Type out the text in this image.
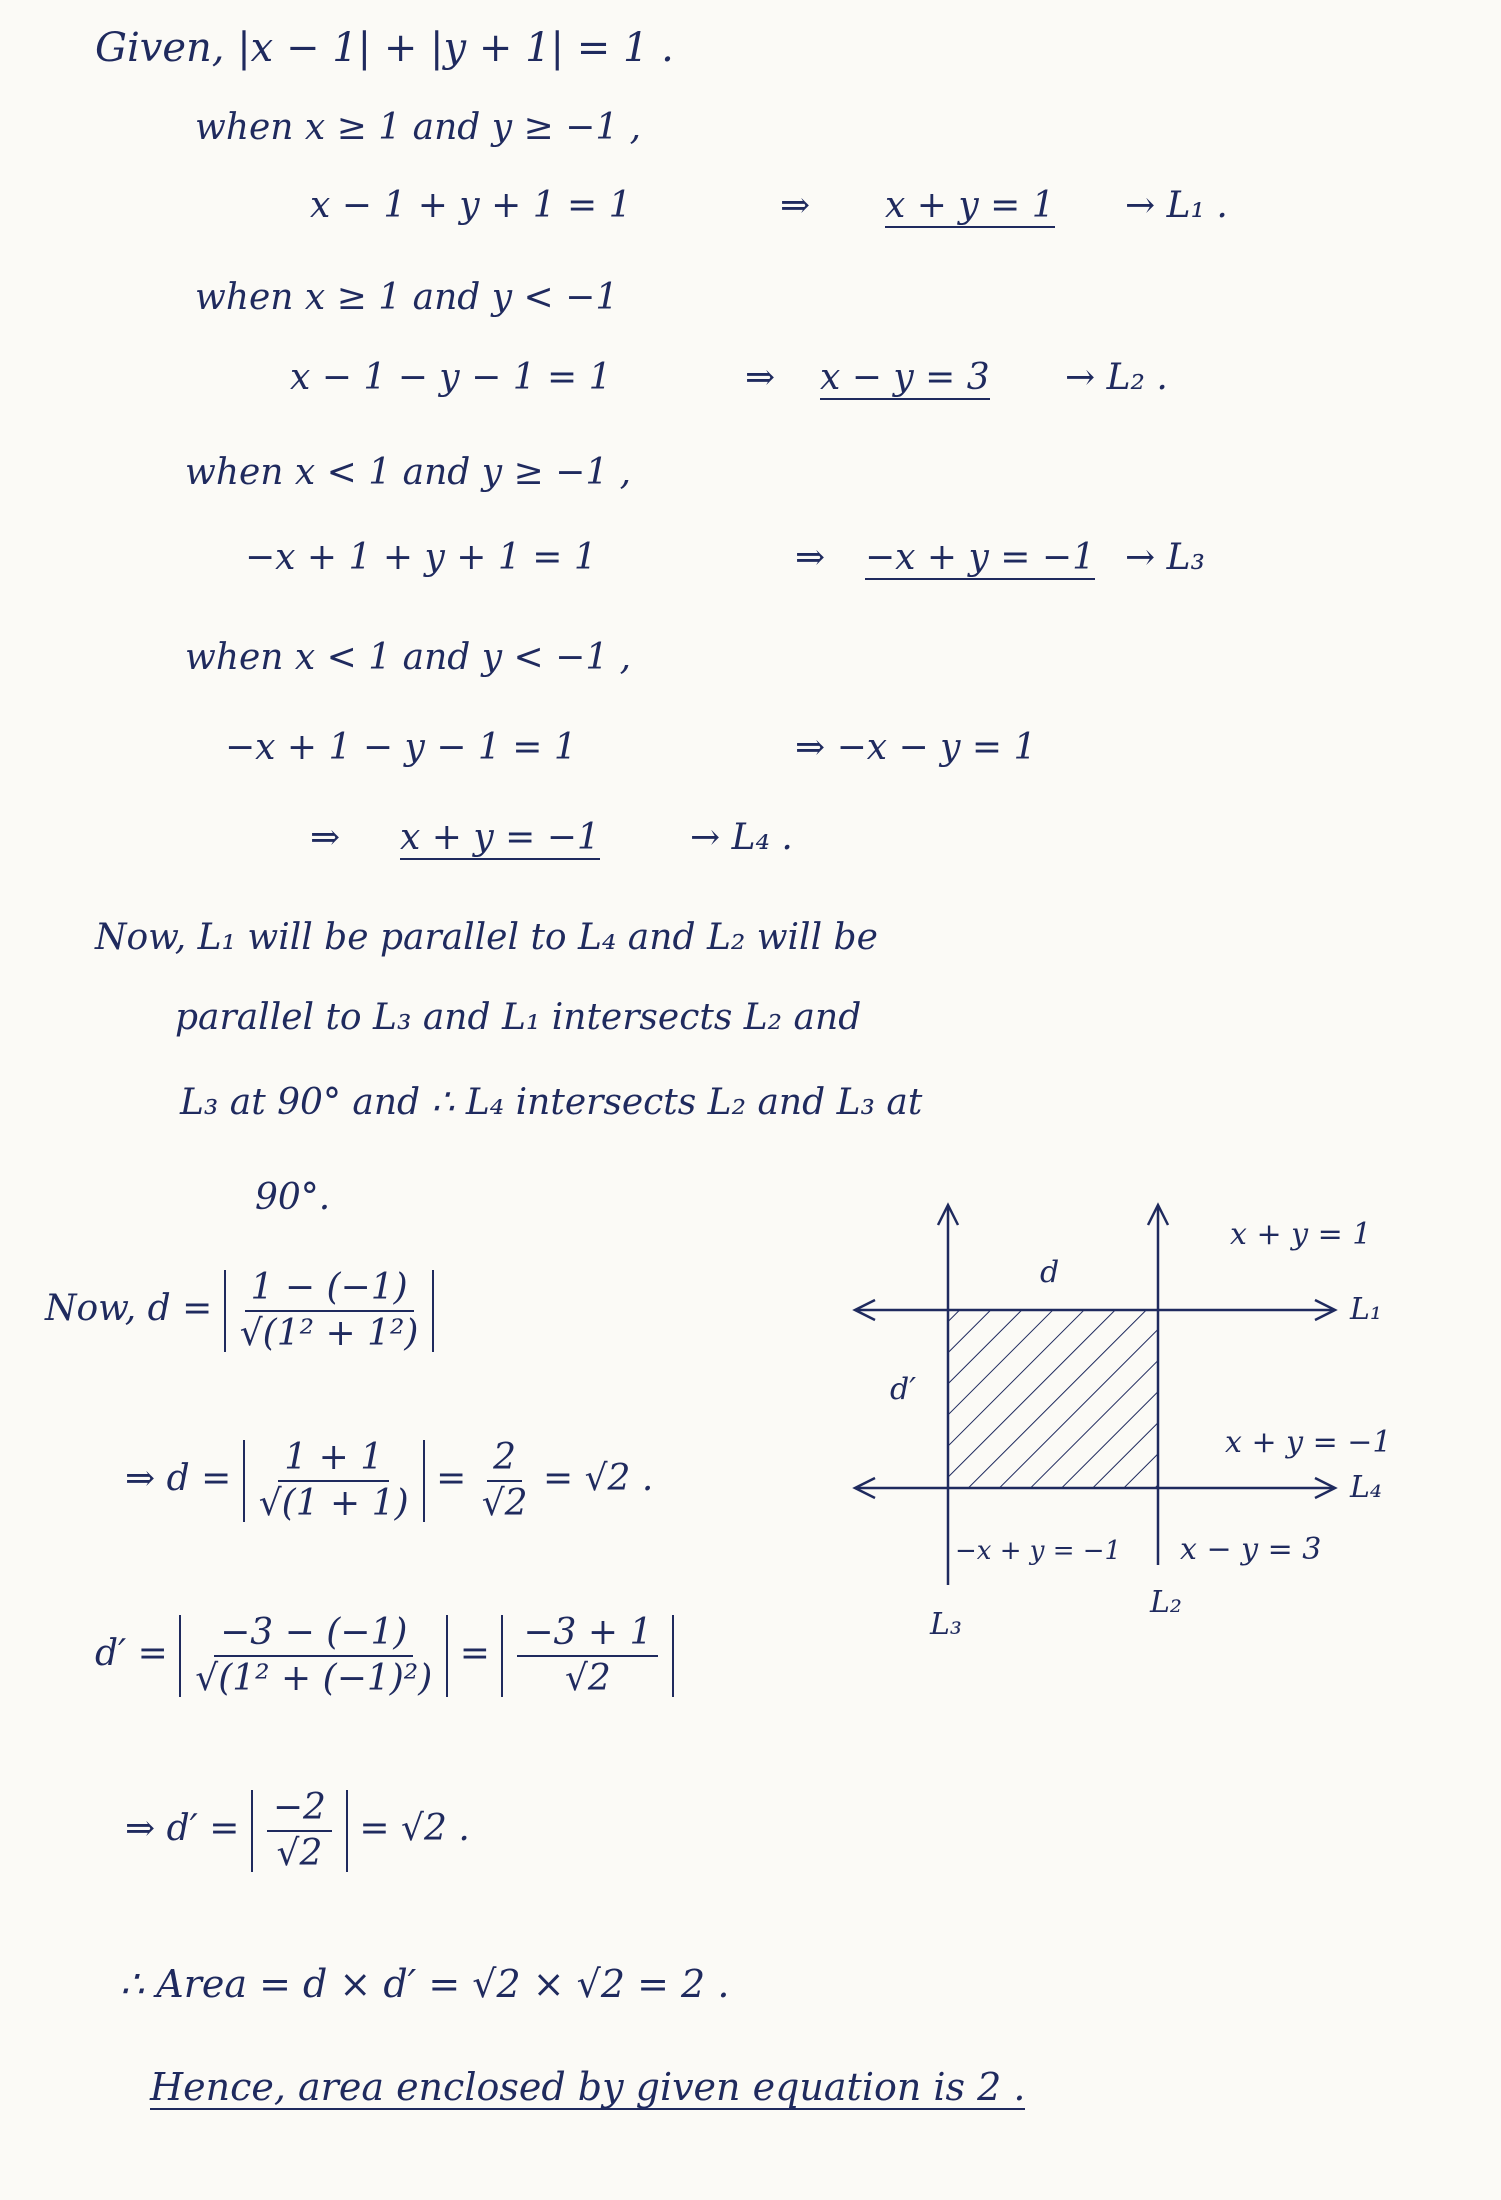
Given, |x − 1| + |y + 1| = 1 .
when x ≥ 1 and y ≥ −1 ,
x − 1 + y + 1 = 1	⇒ x + y = 1 → L₁ .
when x ≥ 1 and y < −1
x − 1 − y − 1 = 1	⇒ x − y = 3 → L₂ .
when x < 1 and y ≥ −1 ,
−x + 1 + y + 1 = 1	⇒ −x + y = −1 → L₃
when x < 1 and y < −1 ,
−x + 1 − y − 1 = 1	⇒ −x − y = 1
⇒ x + y = −1	→ L₄ .
Now, L₁ will be parallel to L₄ and L₂ will be
parallel to L₃ and L₁ intersects L₂ and
L₃ at 90° and ∴ L₄ intersects L₂ and L₃ at
90°.
Now, $d = \frac{1 - (-1)}{\text{√(1² + 1²)}}$
⇒ $d = \frac{1 + 1}{√(1 + 1)} = \frac{2}{√2} = √2$ .
$d' = \frac{-3 - (-1)}{\text{√(1² + (−1)²)}} = \frac{-3 + 1}{√2}$
⇒ $d' = \frac{-2}{√2} = √2$ .
∴ Area = d × d′ = √2 × √2 = 2 .
Hence, area enclosed by given equation is 2 .
d
d′
x + y = 1
L₁
x + y = −1
L₄
−x + y = −1 x − y = 3
L₂
L₃
